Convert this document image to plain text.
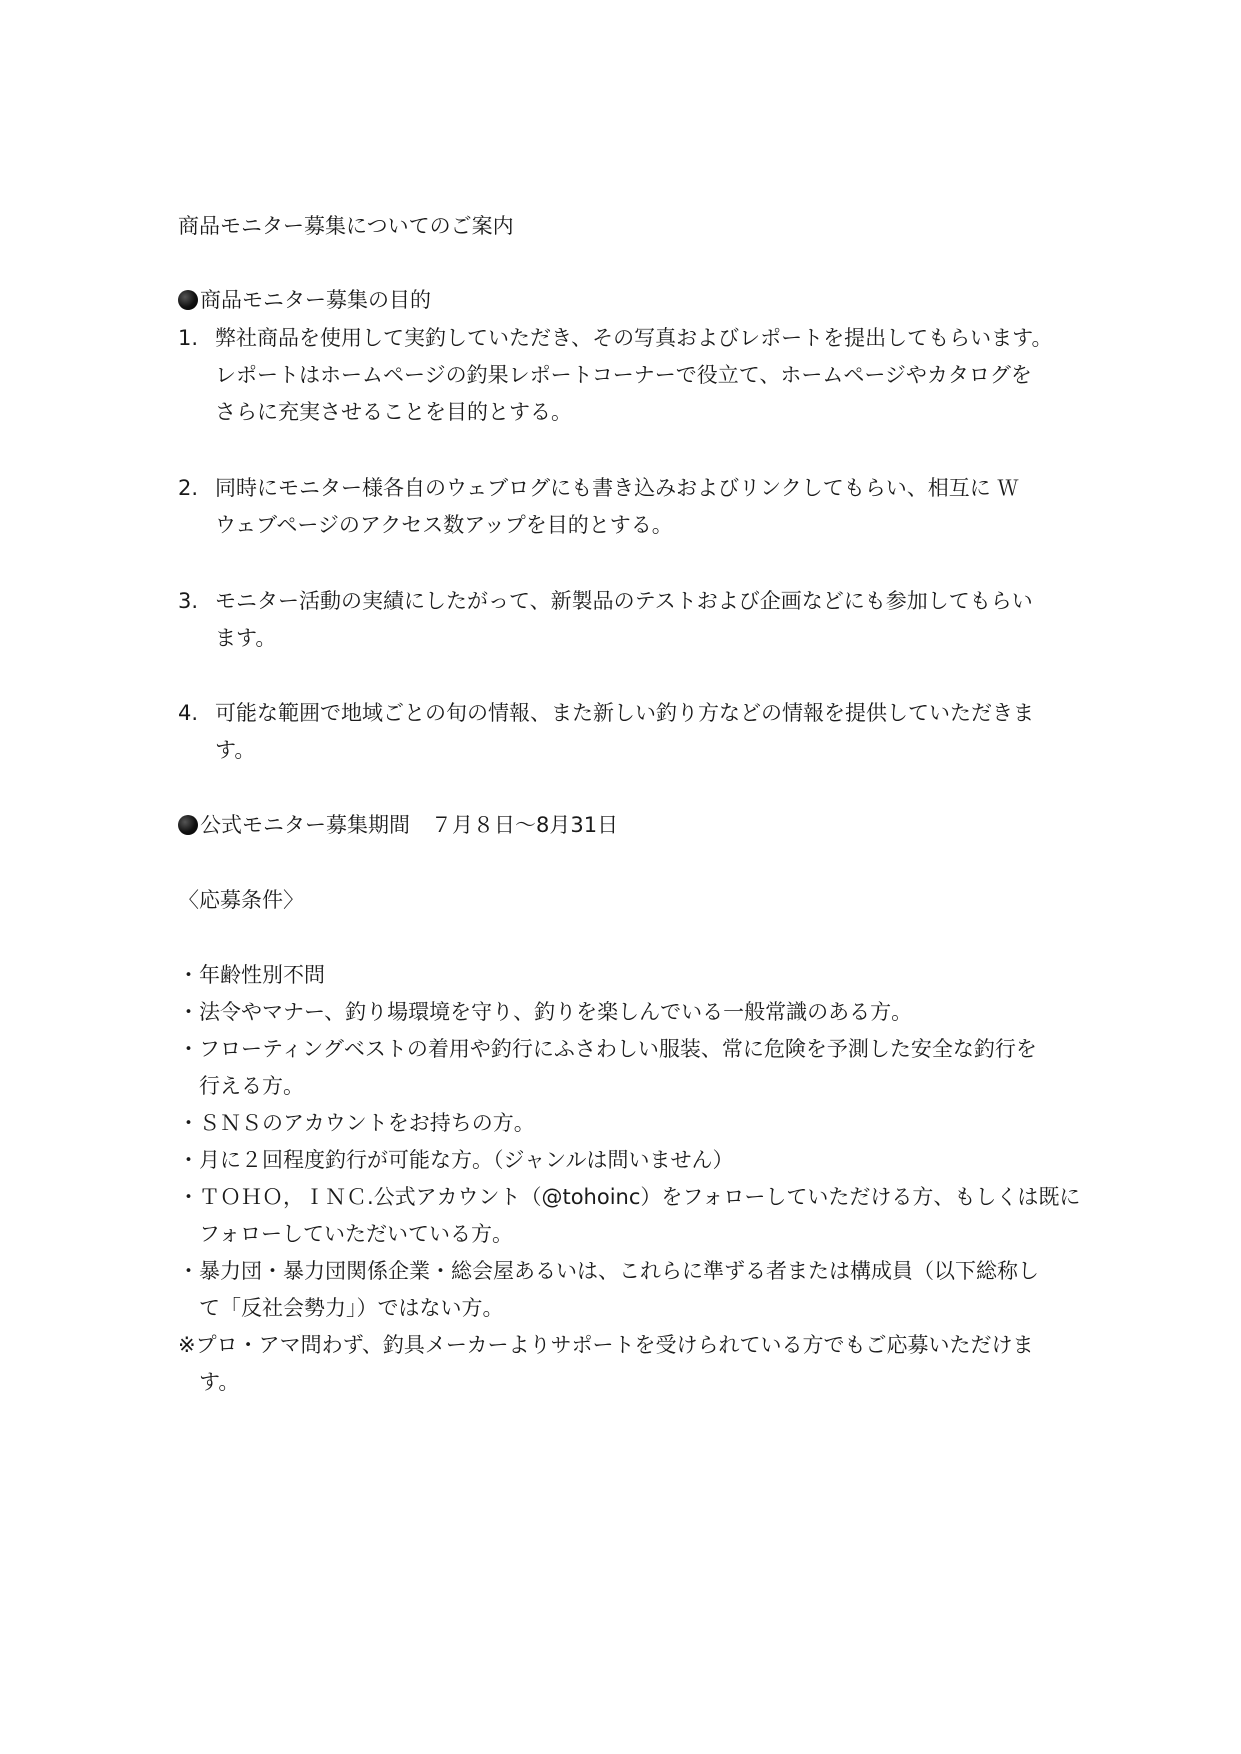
商品モニター募集についてのご案内
商品モニター募集の目的
1. 弊社商品を使用して実釣していただき、その写真およびレポートを提出してもらいます。
レポートはホームページの釣果レポートコーナーで役立て、ホームページやカタログを
さらに充実させることを目的とする。
2. 同時にモニター様各自のウェブログにも書き込みおよびリンクしてもらい、相互に Ｗ
ウェブページのアクセス数アップを目的とする。
3. モニター活動の実績にしたがって、新製品のテストおよび企画などにも参加してもらい
ます。
4. 可能な範囲で地域ごとの旬の情報、また新しい釣り方などの情報を提供していただきま
す。
公式モニター募集期間　７月８日〜8月31日
〈応募条件〉
・年齢性別不問
・法令やマナー、釣り場環境を守り、釣りを楽しんでいる一般常識のある方。
・フローティングベストの着用や釣行にふさわしい服装、常に危険を予測した安全な釣行を
　行える方。
・ＳＮＳのアカウントをお持ちの方。
・月に２回程度釣行が可能な方。（ジャンルは問いません）
・ＴＯＨＯ，ＩＮＣ.公式アカウント（@tohoinc）をフォローしていただける方、もしくは既に
　フォローしていただいている方。
・暴力団・暴力団関係企業・総会屋あるいは、これらに準ずる者または構成員（以下総称し
　て「反社会勢力」）ではない方。
※プロ・アマ問わず、釣具メーカーよりサポートを受けられている方でもご応募いただけま
　す。
